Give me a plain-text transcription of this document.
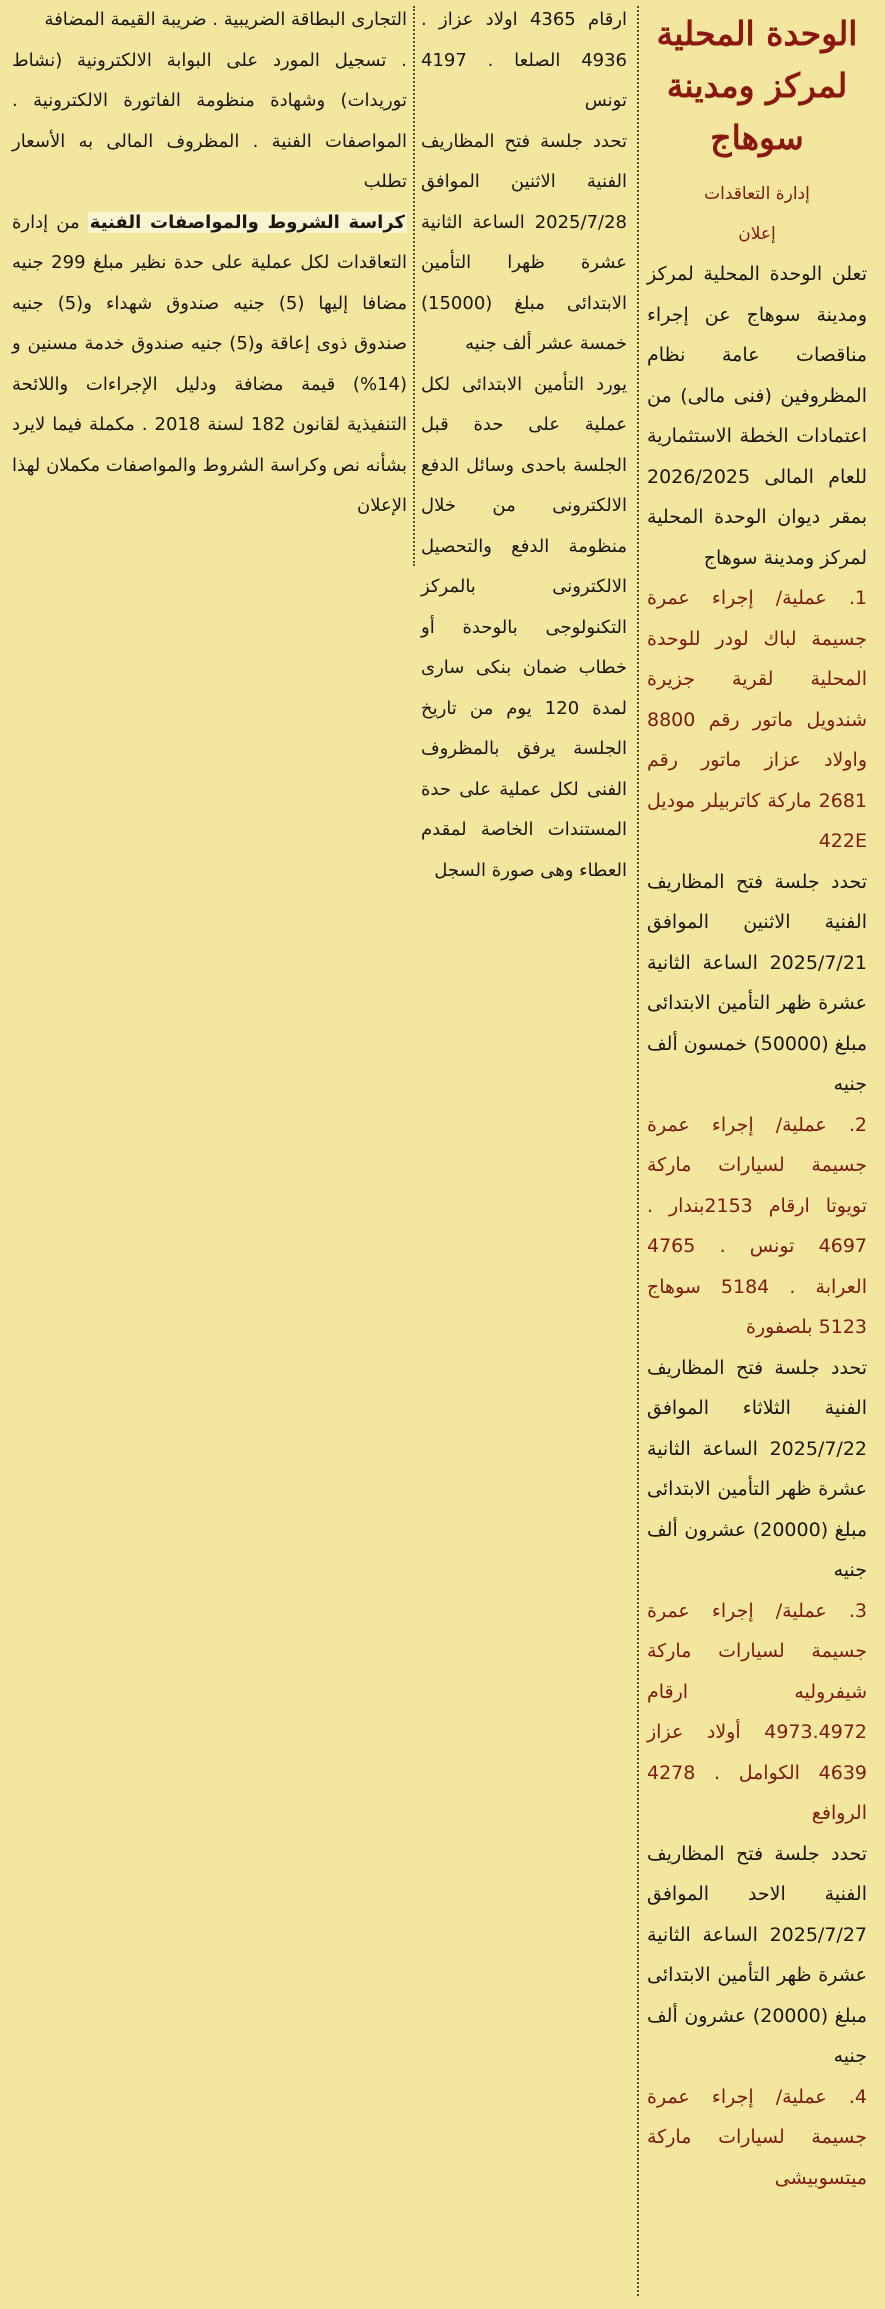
الوحدة المحلية لمركز ومدينة سوهاج

إدارة التعاقدات

إعلان

تعلن الوحدة المحلية لمركز ومدينة سوهاج عن إجراء مناقصات عامة نظام المظروفين (فنى مالى) من اعتمادات الخطة الاستثمارية للعام المالى 2026/2025 بمقر ديوان الوحدة المحلية لمركز ومدينة سوهاج

1. عملية/ إجراء عمرة جسيمة لباك لودر للوحدة المحلية لقرية جزيرة شندويل ماتور رقم 8800 واولاد عزاز ماتور رقم 2681 ماركة كاتربيلر موديل 422E

تحدد جلسة فتح المظاريف الفنية الاثنين الموافق 2025/7/21 الساعة الثانية عشرة ظهر التأمين الابتدائى مبلغ (50000) خمسون ألف جنيه

2. عملية/ إجراء عمرة جسيمة لسيارات ماركة تويوتا ارقام 2153بندار . 4697 تونس . 4765 العرابة . 5184 سوهاج 5123 بلصفورة

تحدد جلسة فتح المظاريف الفنية الثلاثاء الموافق 2025/7/22 الساعة الثانية عشرة ظهر التأمين الابتدائى مبلغ (20000) عشرون ألف جنيه

3. عملية/ إجراء عمرة جسيمة لسيارات ماركة شيفروليه ارقام 4973.4972 أولاد عزاز 4639 الكوامل . 4278 الروافع

تحدد جلسة فتح المظاريف الفنية الاحد الموافق 2025/7/27 الساعة الثانية عشرة ظهر التأمين الابتدائى مبلغ (20000) عشرون ألف جنيه

4. عملية/ إجراء عمرة جسيمة لسيارات ماركة ميتسوبيشى

ارقام 4365 اولاد عزاز . 4936 الصلعا . 4197 تونس

تحدد جلسة فتح المظاريف الفنية الاثنين الموافق 2025/7/28 الساعة الثانية عشرة ظهرا التأمين الابتدائى مبلغ (15000) خمسة عشر ألف جنيه

يورد التأمين الابتدائى لكل عملية على حدة قبل الجلسة باحدى وسائل الدفع الالكترونى من خلال منظومة الدفع والتحصيل الالكترونى بالمركز التكنولوجى بالوحدة أو خطاب ضمان بنكى سارى لمدة 120 يوم من تاريخ الجلسة يرفق بالمظروف الفنى لكل عملية على حدة المستندات الخاصة لمقدم العطاء وهى صورة السجل

التجارى البطاقة الضريبية . ضريبة القيمة المضافة

. تسجيل المورد على البوابة الالكترونية (نشاط توريدات) وشهادة منظومة الفاتورة الالكترونية . المواصفات الفنية . المظروف المالى به الأسعار تطلب

كراسة الشروط والمواصفات الفنية من إدارة التعاقدات لكل عملية على حدة نظير مبلغ 299 جنيه مضافا إليها (5) جنيه صندوق شهداء و(5) جنيه صندوق ذوى إعاقة و(5) جنيه صندوق خدمة مسنين و (14%) قيمة مضافة ودليل الإجراءات واللائحة التنفيذية لقانون 182 لسنة 2018 . مكملة فيما لايرد بشأنه نص وكراسة الشروط والمواصفات مكملان لهذا الإعلان
